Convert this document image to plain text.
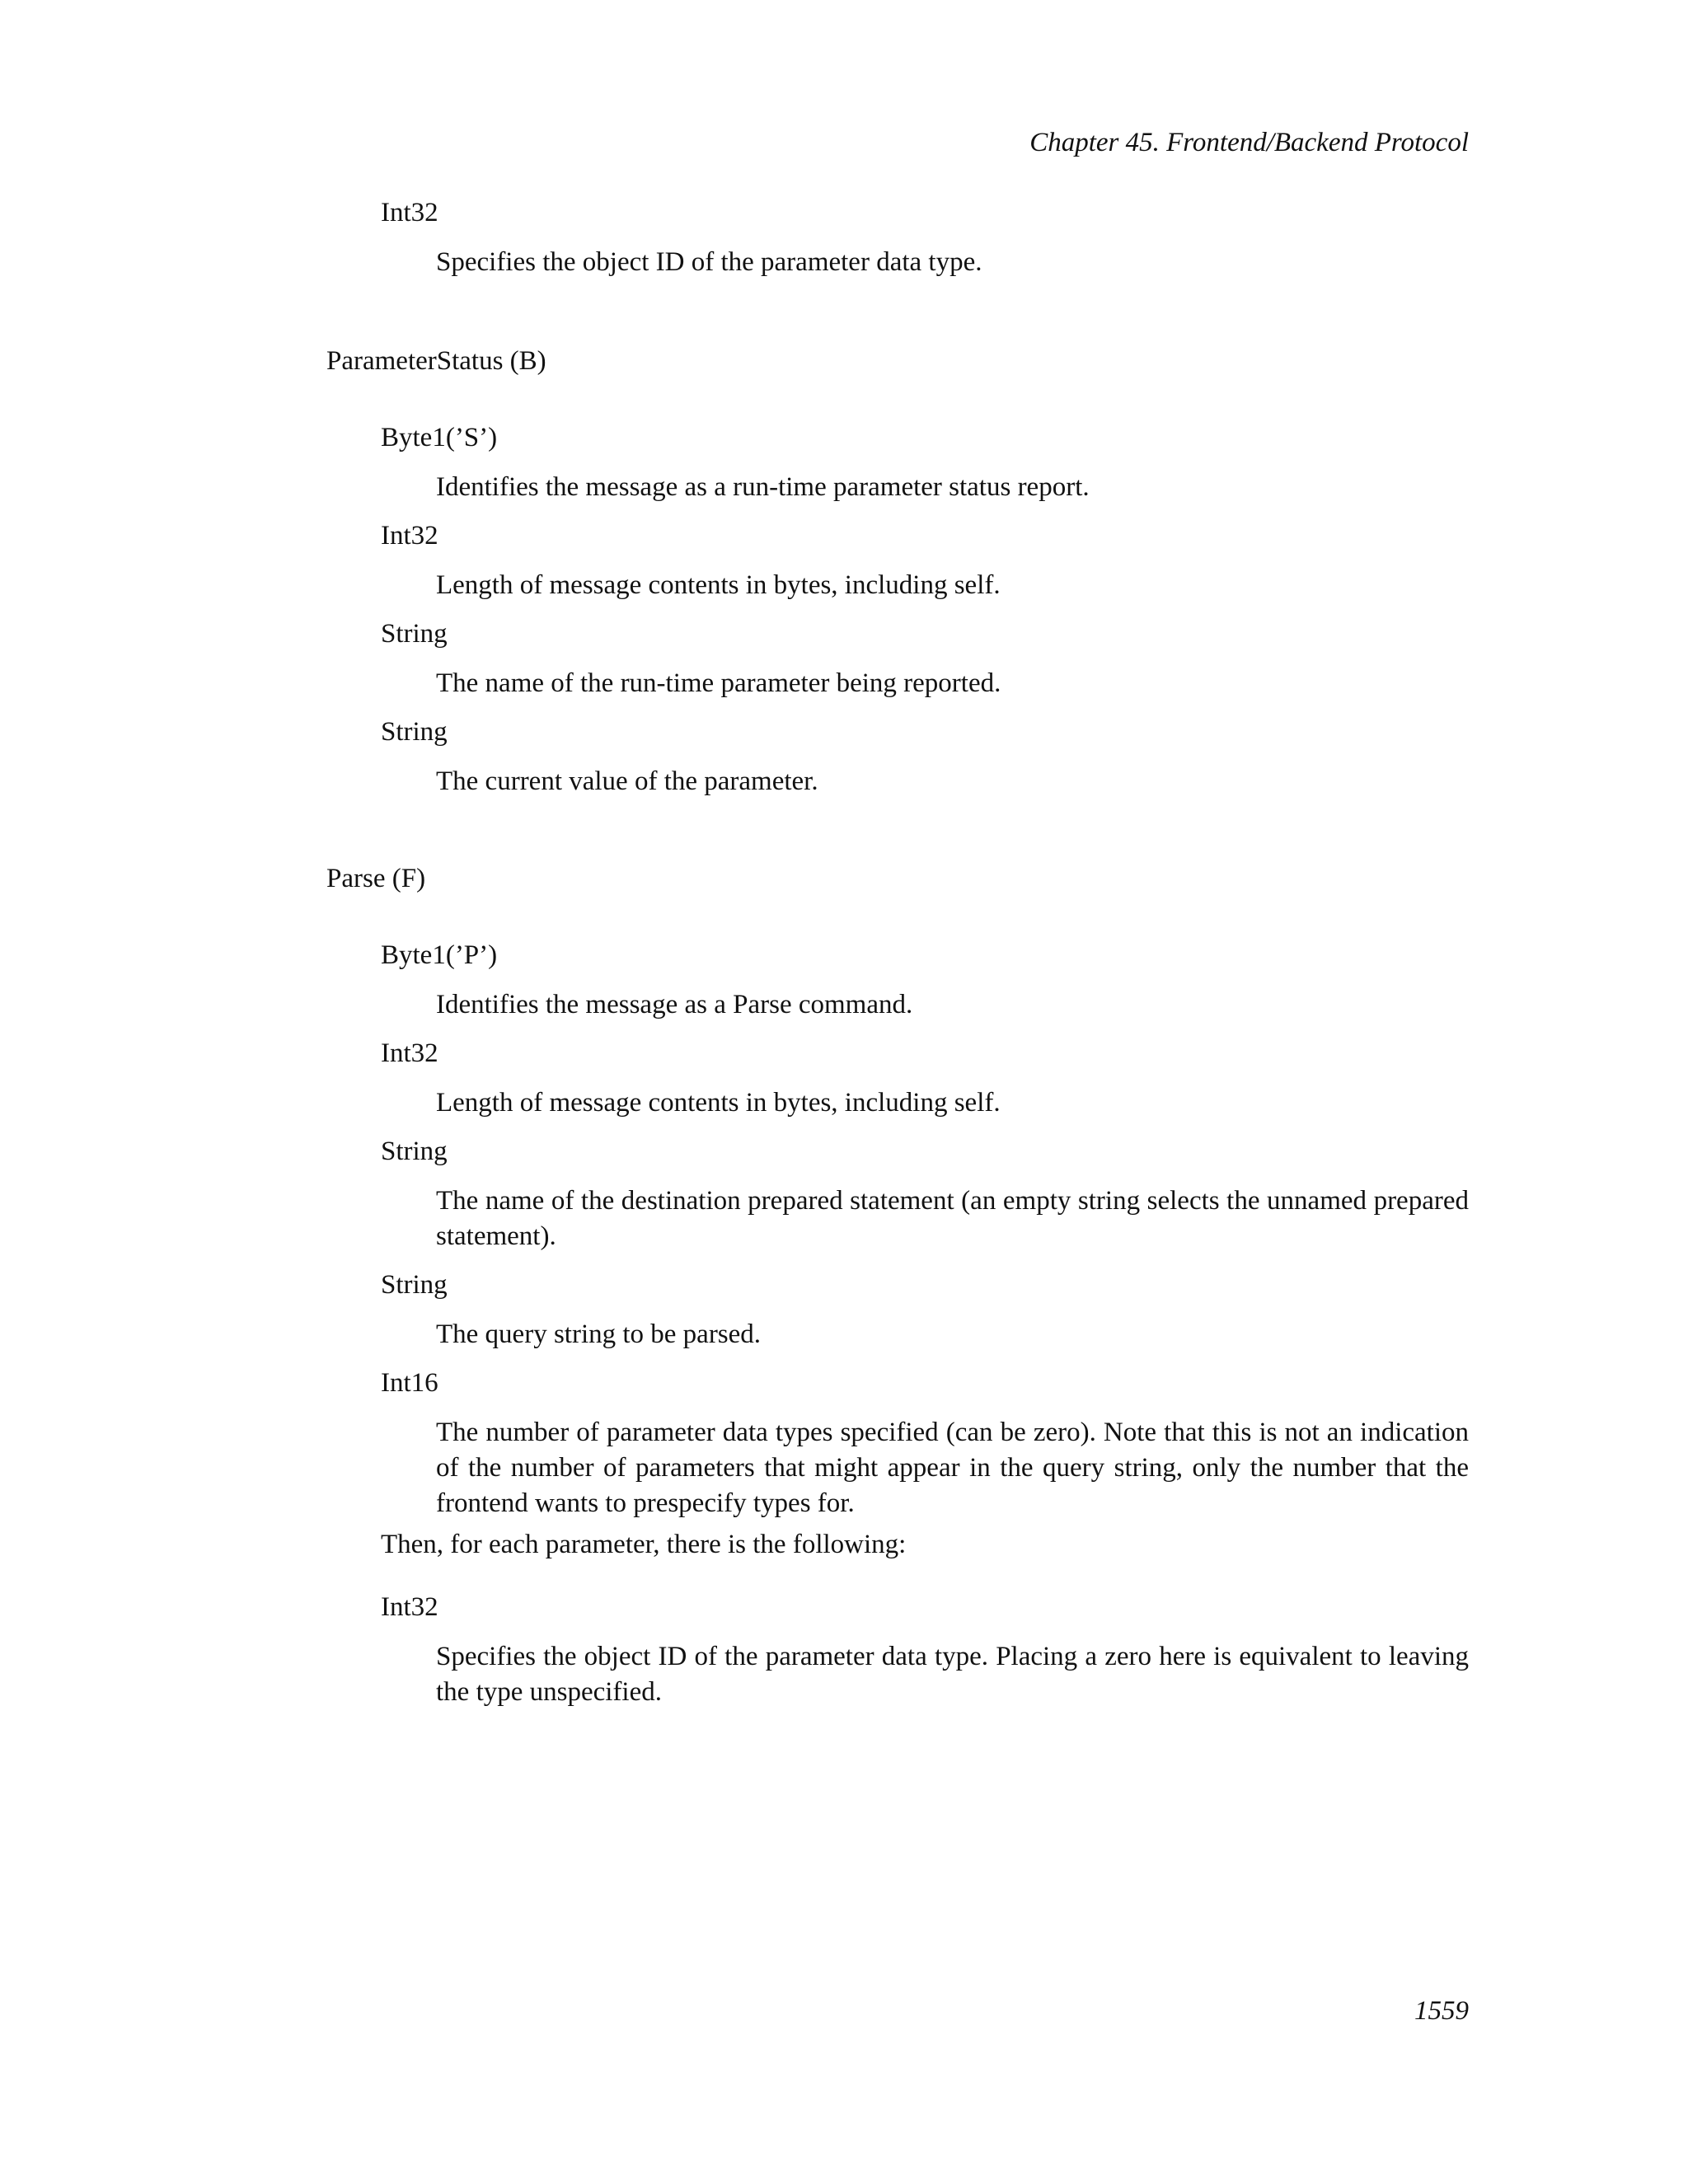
Chapter 45. Frontend/Backend Protocol
Int32
Specifies the object ID of the parameter data type.
ParameterStatus (B)
Byte1(’S’)
Identifies the message as a run-time parameter status report.
Int32
Length of message contents in bytes, including self.
String
The name of the run-time parameter being reported.
String
The current value of the parameter.
Parse (F)
Byte1(’P’)
Identifies the message as a Parse command.
Int32
Length of message contents in bytes, including self.
String
The name of the destination prepared statement (an empty string selects the unnamed prepared statement).
String
The query string to be parsed.
Int16
The number of parameter data types specified (can be zero). Note that this is not an indication of the number of parameters that might appear in the query string, only the number that the frontend wants to prespecify types for.
Then, for each parameter, there is the following:
Int32
Specifies the object ID of the parameter data type. Placing a zero here is equivalent to leaving the type unspecified.
1559
